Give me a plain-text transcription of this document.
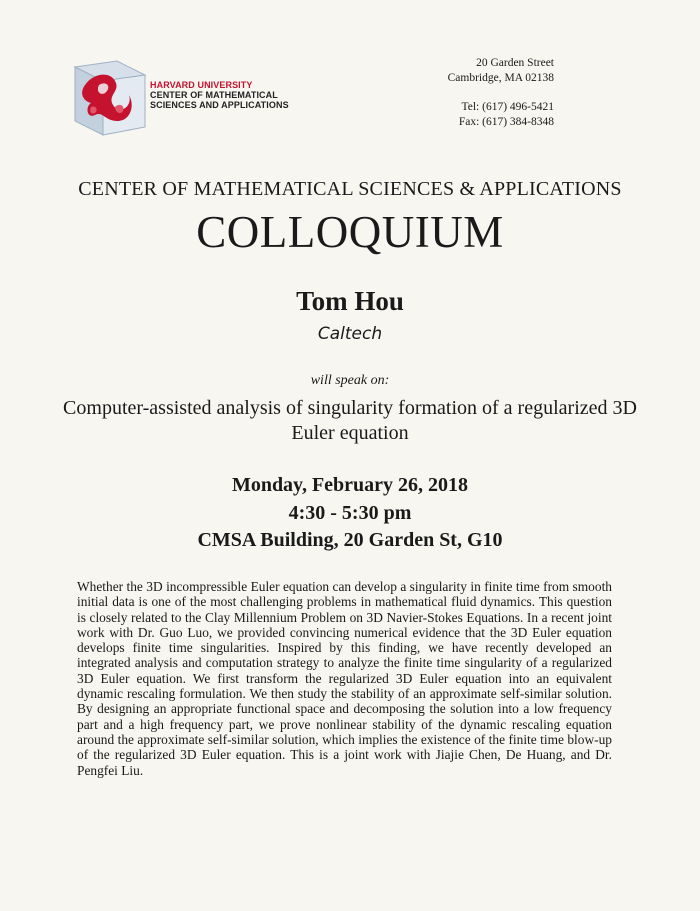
HARVARD UNIVERSITY
CENTER OF MATHEMATICAL
SCIENCES AND APPLICATIONS
20 Garden Street
Cambridge, MA 02138
Tel: (617) 496-5421
Fax: (617) 384-8348
CENTER OF MATHEMATICAL SCIENCES & APPLICATIONS
COLLOQUIUM
Tom Hou
Caltech
will speak on:
Computer-assisted analysis of singularity formation of a regularized 3D Euler equation
Monday, February 26, 2018
4:30 - 5:30 pm
CMSA Building, 20 Garden St, G10
Whether the 3D incompressible Euler equation can develop a singularity in finite time from smooth initial data is one of the most challenging problems in mathematical fluid dynamics. This question is closely related to the Clay Millennium Problem on 3D Navier-Stokes Equations. In a recent joint work with Dr. Guo Luo, we provided convincing numerical evidence that the 3D Euler equation develops finite time singularities. Inspired by this finding, we have recently developed an integrated analysis and computation strategy to analyze the finite time singularity of a regularized 3D Euler equation. We first transform the regularized 3D Euler equation into an equivalent dynamic rescaling formulation. We then study the stability of an approximate self-similar solution. By designing an appropriate functional space and decomposing the solution into a low frequency part and a high frequency part, we prove nonlinear stability of the dynamic rescaling equation around the approximate self-similar solution, which implies the existence of the finite time blow-up of the regularized 3D Euler equation. This is a joint work with Jiajie Chen, De Huang, and Dr. Pengfei Liu.
